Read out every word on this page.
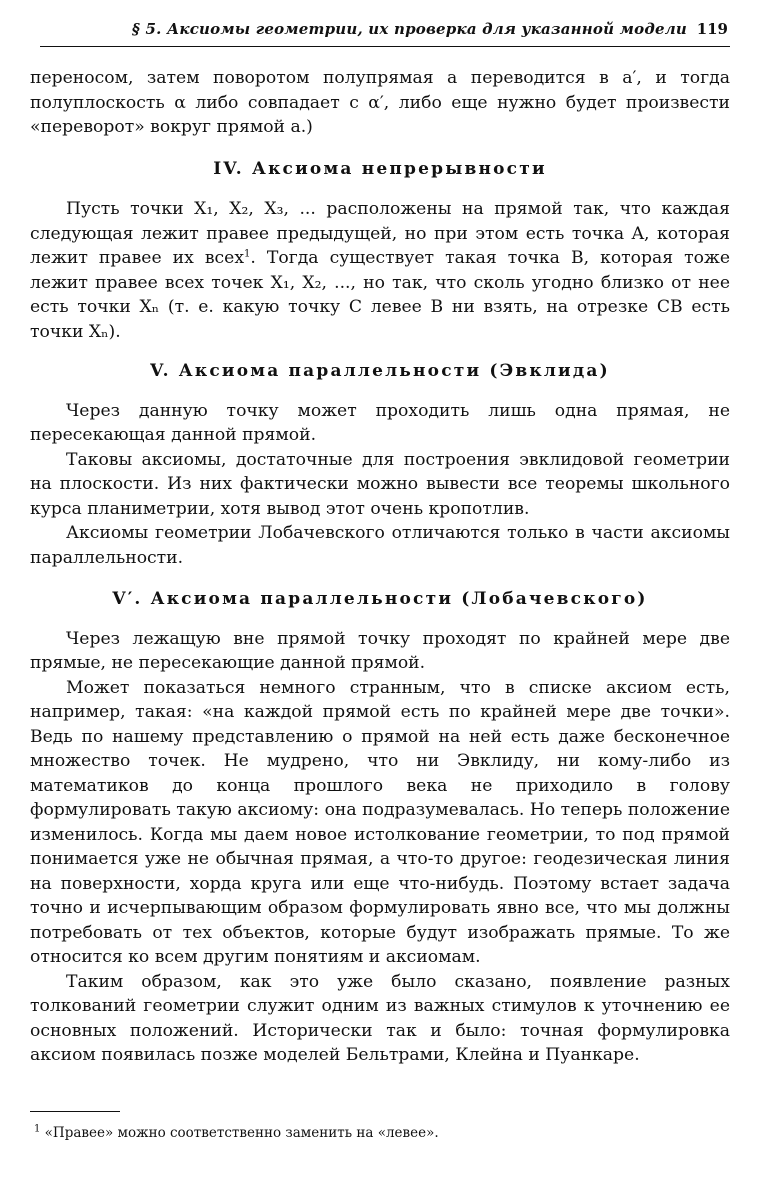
§ 5. Аксиомы геометрии, их проверка для указанной модели 119

переносом, затем поворотом полупрямая a переводится в a′, и тогда полуплоскость α либо совпадает с α′, либо еще нужно будет произвести «переворот» вокруг прямой a.)

IV. Аксиома непрерывности

Пусть точки X₁, X₂, X₃, ... расположены на прямой так, что каждая следующая лежит правее предыдущей, но при этом есть точка A, которая лежит правее их всех$^1$. Тогда существует такая точка B, которая тоже лежит правее всех точек X₁, X₂, ..., но так, что сколь угодно близко от нее есть точки Xₙ (т. е. какую точку C левее B ни взять, на отрезке CB есть точки Xₙ).

V. Аксиома параллельности (Эвклида)

Через данную точку может проходить лишь одна прямая, не пересекающая данной прямой.

Таковы аксиомы, достаточные для построения эвклидовой геометрии на плоскости. Из них фактически можно вывести все теоремы школьного курса планиметрии, хотя вывод этот очень кропотлив.

Аксиомы геометрии Лобачевского отличаются только в части аксиомы параллельности.

V′. Аксиома параллельности (Лобачевского)

Через лежащую вне прямой точку проходят по крайней мере две прямые, не пересекающие данной прямой.

Может показаться немного странным, что в списке аксиом есть, например, такая: «на каждой прямой есть по крайней мере две точки». Ведь по нашему представлению о прямой на ней есть даже бесконечное множество точек. Не мудрено, что ни Эвклиду, ни кому-либо из математиков до конца прошлого века не приходило в голову формулировать такую аксиому: она подразумевалась. Но теперь положение изменилось. Когда мы даем новое истолкование геометрии, то под прямой понимается уже не обычная прямая, а что-то другое: геодезическая линия на поверхности, хорда круга или еще что-нибудь. Поэтому встает задача точно и исчерпывающим образом формулировать явно все, что мы должны потребовать от тех объектов, которые будут изображать прямые. То же относится ко всем другим понятиям и аксиомам.

Таким образом, как это уже было сказано, появление разных толкований геометрии служит одним из важных стимулов к уточнению ее основных положений. Исторически так и было: точная формулировка аксиом появилась позже моделей Бельтрами, Клейна и Пуанкаре.

$^1$ «Правее» можно соответственно заменить на «левее».
